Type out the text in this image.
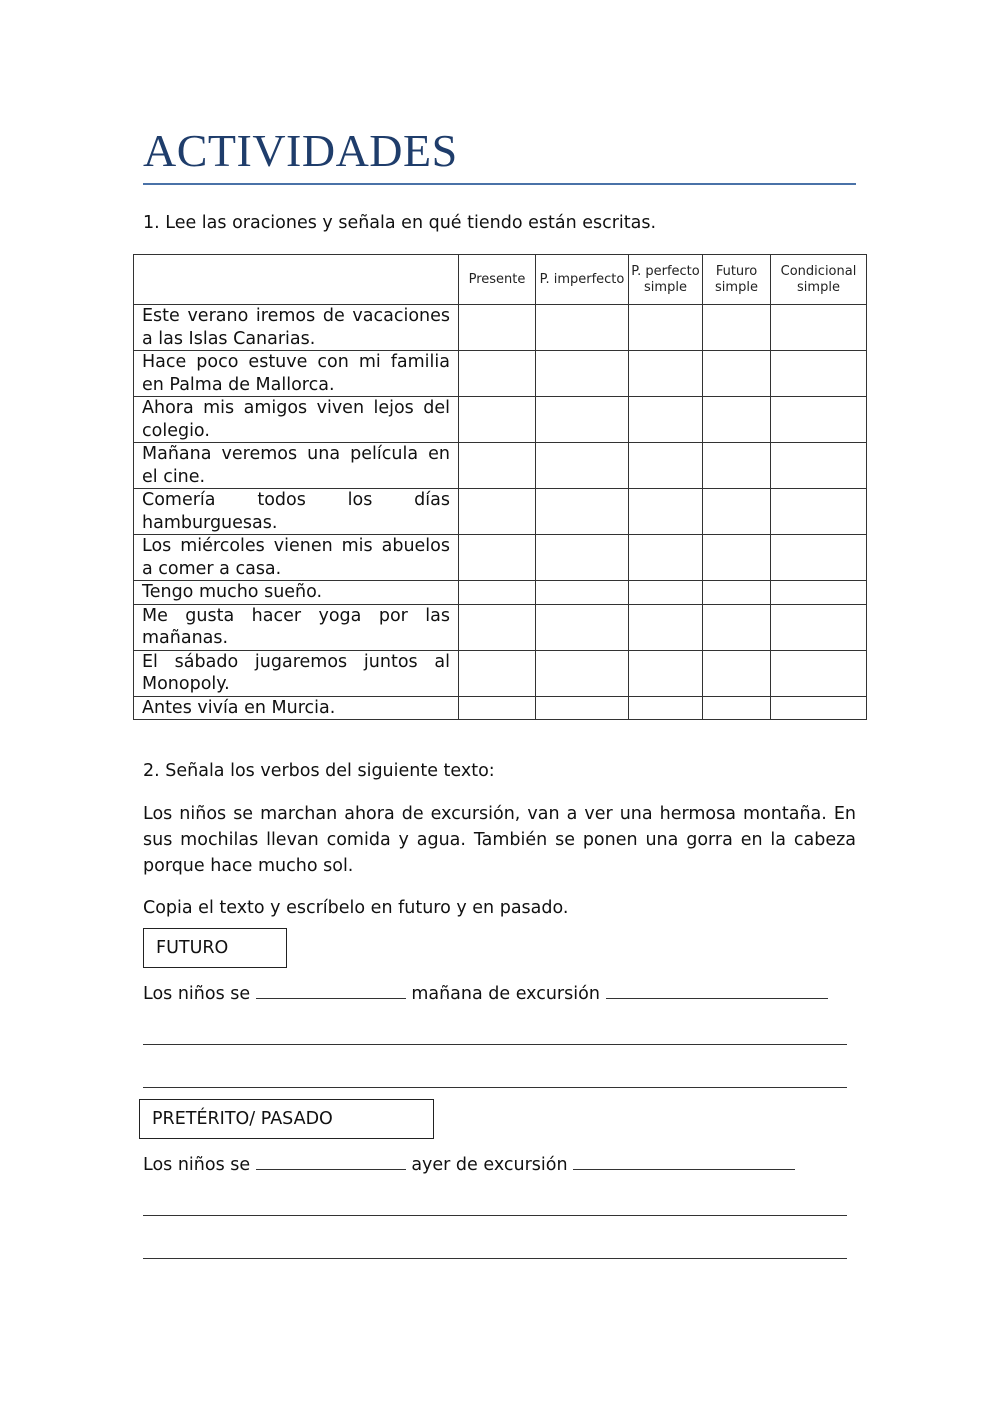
ACTIVIDADES

1. Lee las oraciones y señala en qué tiendo están escritas.

	Presente	P. imperfecto	P. perfecto simple	Futuro simple	Condicional simple
Este verano iremos de vacaciones a las Islas Canarias.					
Hace poco estuve con mi familia en Palma de Mallorca.					
Ahora mis amigos viven lejos del colegio.					
Mañana veremos una película en el cine.					
Comería todos los días hamburguesas.					
Los miércoles vienen mis abuelos a comer a casa.					
Tengo mucho sueño.					
Me gusta hacer yoga por las mañanas.					
El sábado jugaremos juntos al Monopoly.					
Antes vivía en Murcia.					

2. Señala los verbos del siguiente texto:

Los niños se marchan ahora de excursión, van a ver una hermosa montaña. En sus mochilas llevan comida y agua. También se ponen una gorra en la cabeza porque hace mucho sol.

Copia el texto y escríbelo en futuro y en pasado.

FUTURO

Los niños se	mañana de excursión

PRETÉRITO/ PASADO

Los niños se	ayer de excursión
